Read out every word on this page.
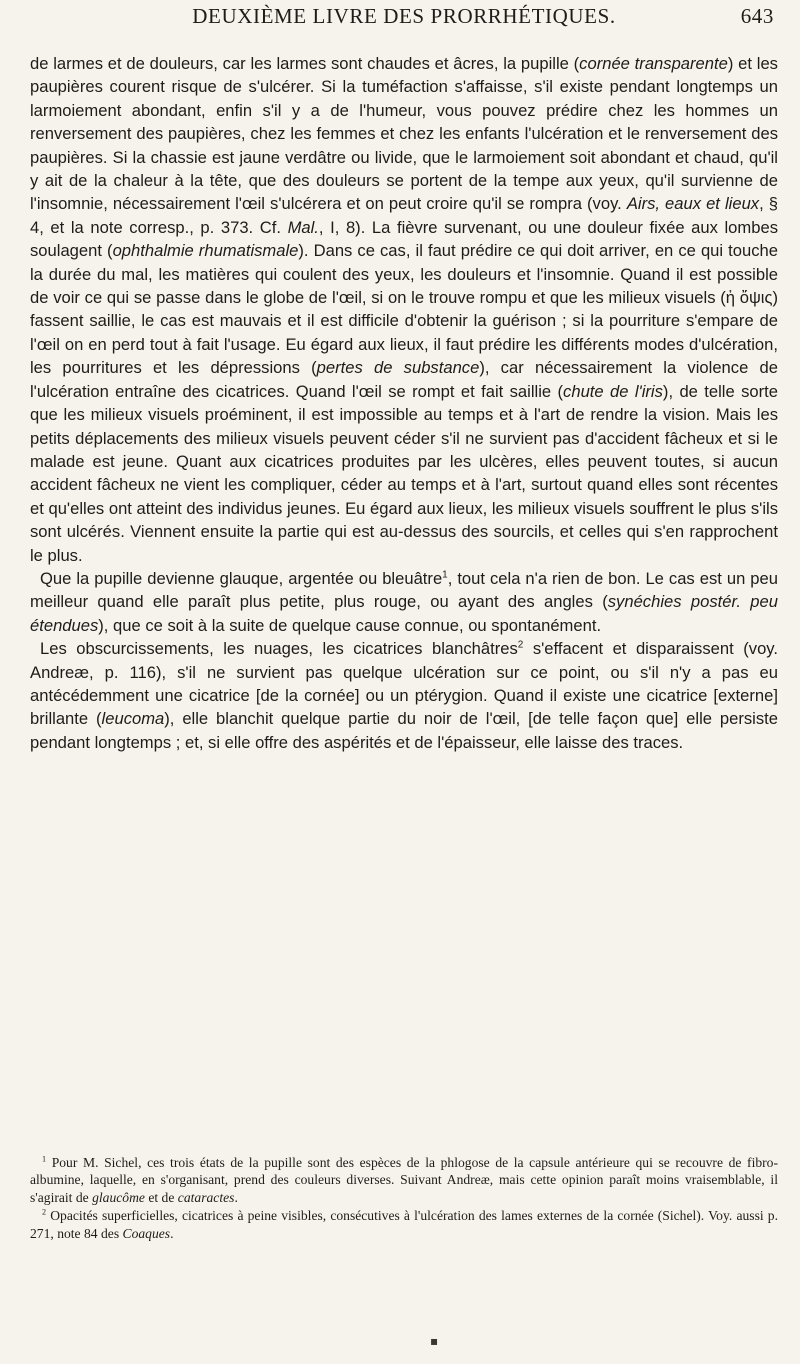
DEUXIÈME LIVRE DES PRORRHÉTIQUES.	643

de larmes et de douleurs, car les larmes sont chaudes et âcres, la pupille (cornée transparente) et les paupières courent risque de s'ulcérer. Si la tuméfaction s'affaisse, s'il existe pendant longtemps un larmoiement abondant, enfin s'il y a de l'humeur, vous pouvez prédire chez les hommes un renversement des paupières, chez les femmes et chez les enfants l'ulcération et le renversement des paupières. Si la chassie est jaune verdâtre ou livide, que le larmoiement soit abondant et chaud, qu'il y ait de la chaleur à la tête, que des douleurs se portent de la tempe aux yeux, qu'il survienne de l'insomnie, nécessairement l'œil s'ulcérera et on peut croire qu'il se rompra (voy. Airs, eaux et lieux, § 4, et la note corresp., p. 373. Cf. Mal., I, 8). La fièvre survenant, ou une douleur fixée aux lombes soulagent (ophthalmie rhumatismale). Dans ce cas, il faut prédire ce qui doit arriver, en ce qui touche la durée du mal, les matières qui coulent des yeux, les douleurs et l'insomnie. Quand il est possible de voir ce qui se passe dans le globe de l'œil, si on le trouve rompu et que les milieux visuels (ἡ ὄψις) fassent saillie, le cas est mauvais et il est difficile d'obtenir la guérison ; si la pourriture s'empare de l'œil on en perd tout à fait l'usage. Eu égard aux lieux, il faut prédire les différents modes d'ulcération, les pourritures et les dépressions (pertes de substance), car nécessairement la violence de l'ulcération entraîne des cicatrices. Quand l'œil se rompt et fait saillie (chute de l'iris), de telle sorte que les milieux visuels proéminent, il est impossible au temps et à l'art de rendre la vision. Mais les petits déplacements des milieux visuels peuvent céder s'il ne survient pas d'accident fâcheux et si le malade est jeune. Quant aux cicatrices produites par les ulcères, elles peuvent toutes, si aucun accident fâcheux ne vient les compliquer, céder au temps et à l'art, surtout quand elles sont récentes et qu'elles ont atteint des individus jeunes. Eu égard aux lieux, les milieux visuels souffrent le plus s'ils sont ulcérés. Viennent ensuite la partie qui est au-dessus des sourcils, et celles qui s'en rapprochent le plus.

Que la pupille devienne glauque, argentée ou bleuâtre$^1$, tout cela n'a rien de bon. Le cas est un peu meilleur quand elle paraît plus petite, plus rouge, ou ayant des angles (synéchies postér. peu étendues), que ce soit à la suite de quelque cause connue, ou spontanément.

Les obscurcissements, les nuages, les cicatrices blanchâtres$^2$ s'effacent et disparaissent (voy. Andreæ, p. 116), s'il ne survient pas quelque ulcération sur ce point, ou s'il n'y a pas eu antécédemment une cicatrice [de la cornée] ou un ptérygion. Quand il existe une cicatrice [externe] brillante (leucoma), elle blanchit quelque partie du noir de l'œil, [de telle façon que] elle persiste pendant longtemps ; et, si elle offre des aspérités et de l'épaisseur, elle laisse des traces.

$^1$ Pour M. Sichel, ces trois états de la pupille sont des espèces de la phlogose de la capsule antérieure qui se recouvre de fibro-albumine, laquelle, en s'organisant, prend des couleurs diverses. Suivant Andreæ, mais cette opinion paraît moins vraisemblable, il s'agirait de glaucôme et de cataractes.

$^2$ Opacités superficielles, cicatrices à peine visibles, consécutives à l'ulcération des lames externes de la cornée (Sichel). Voy. aussi p. 271, note 84 des Coaques.

▪
